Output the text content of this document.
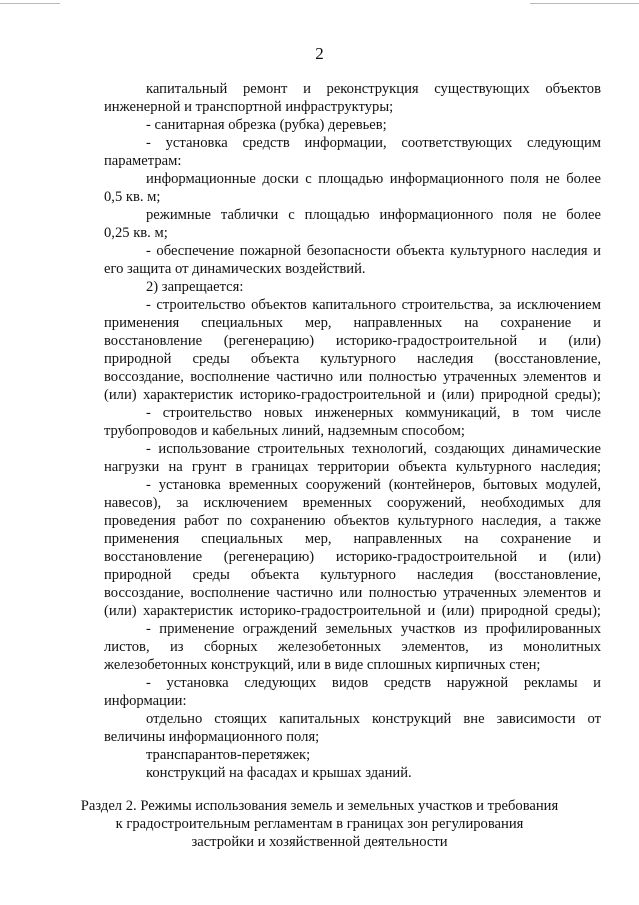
2
капитальный ремонт и реконструкция существующих объектов
инженерной и транспортной инфраструктуры;
- санитарная обрезка (рубка) деревьев;
- установка средств информации, соответствующих следующим
параметрам:
информационные доски с площадью информационного поля не более
0,5 кв. м;
режимные таблички с площадью информационного поля не более
0,25 кв. м;
- обеспечение пожарной безопасности объекта культурного наследия и
его защита от динамических воздействий.
2) запрещается:
- строительство объектов капитального строительства, за исключением
применения специальных мер, направленных на сохранение и
восстановление (регенерацию) историко-градостроительной и (или)
природной среды объекта культурного наследия (восстановление,
воссоздание, восполнение частично или полностью утраченных элементов и
(или) характеристик историко-градостроительной и (или) природной среды);
- строительство новых инженерных коммуникаций, в том числе
трубопроводов и кабельных линий, надземным способом;
- использование строительных технологий, создающих динамические
нагрузки на грунт в границах территории объекта культурного наследия;
- установка временных сооружений (контейнеров, бытовых модулей,
навесов), за исключением временных сооружений, необходимых для
проведения работ по сохранению объектов культурного наследия, а также
применения специальных мер, направленных на сохранение и
восстановление (регенерацию) историко-градостроительной и (или)
природной среды объекта культурного наследия (восстановление,
воссоздание, восполнение частично или полностью утраченных элементов и
(или) характеристик историко-градостроительной и (или) природной среды);
- применение ограждений земельных участков из профилированных
листов, из сборных железобетонных элементов, из монолитных
железобетонных конструкций, или в виде сплошных кирпичных стен;
- установка следующих видов средств наружной рекламы и
информации:
отдельно стоящих капитальных конструкций вне зависимости от
величины информационного поля;
транспарантов-перетяжек;
конструкций на фасадах и крышах зданий.
Раздел 2. Режимы использования земель и земельных участков и требования
к градостроительным регламентам в границах зон регулирования
застройки и хозяйственной деятельности
